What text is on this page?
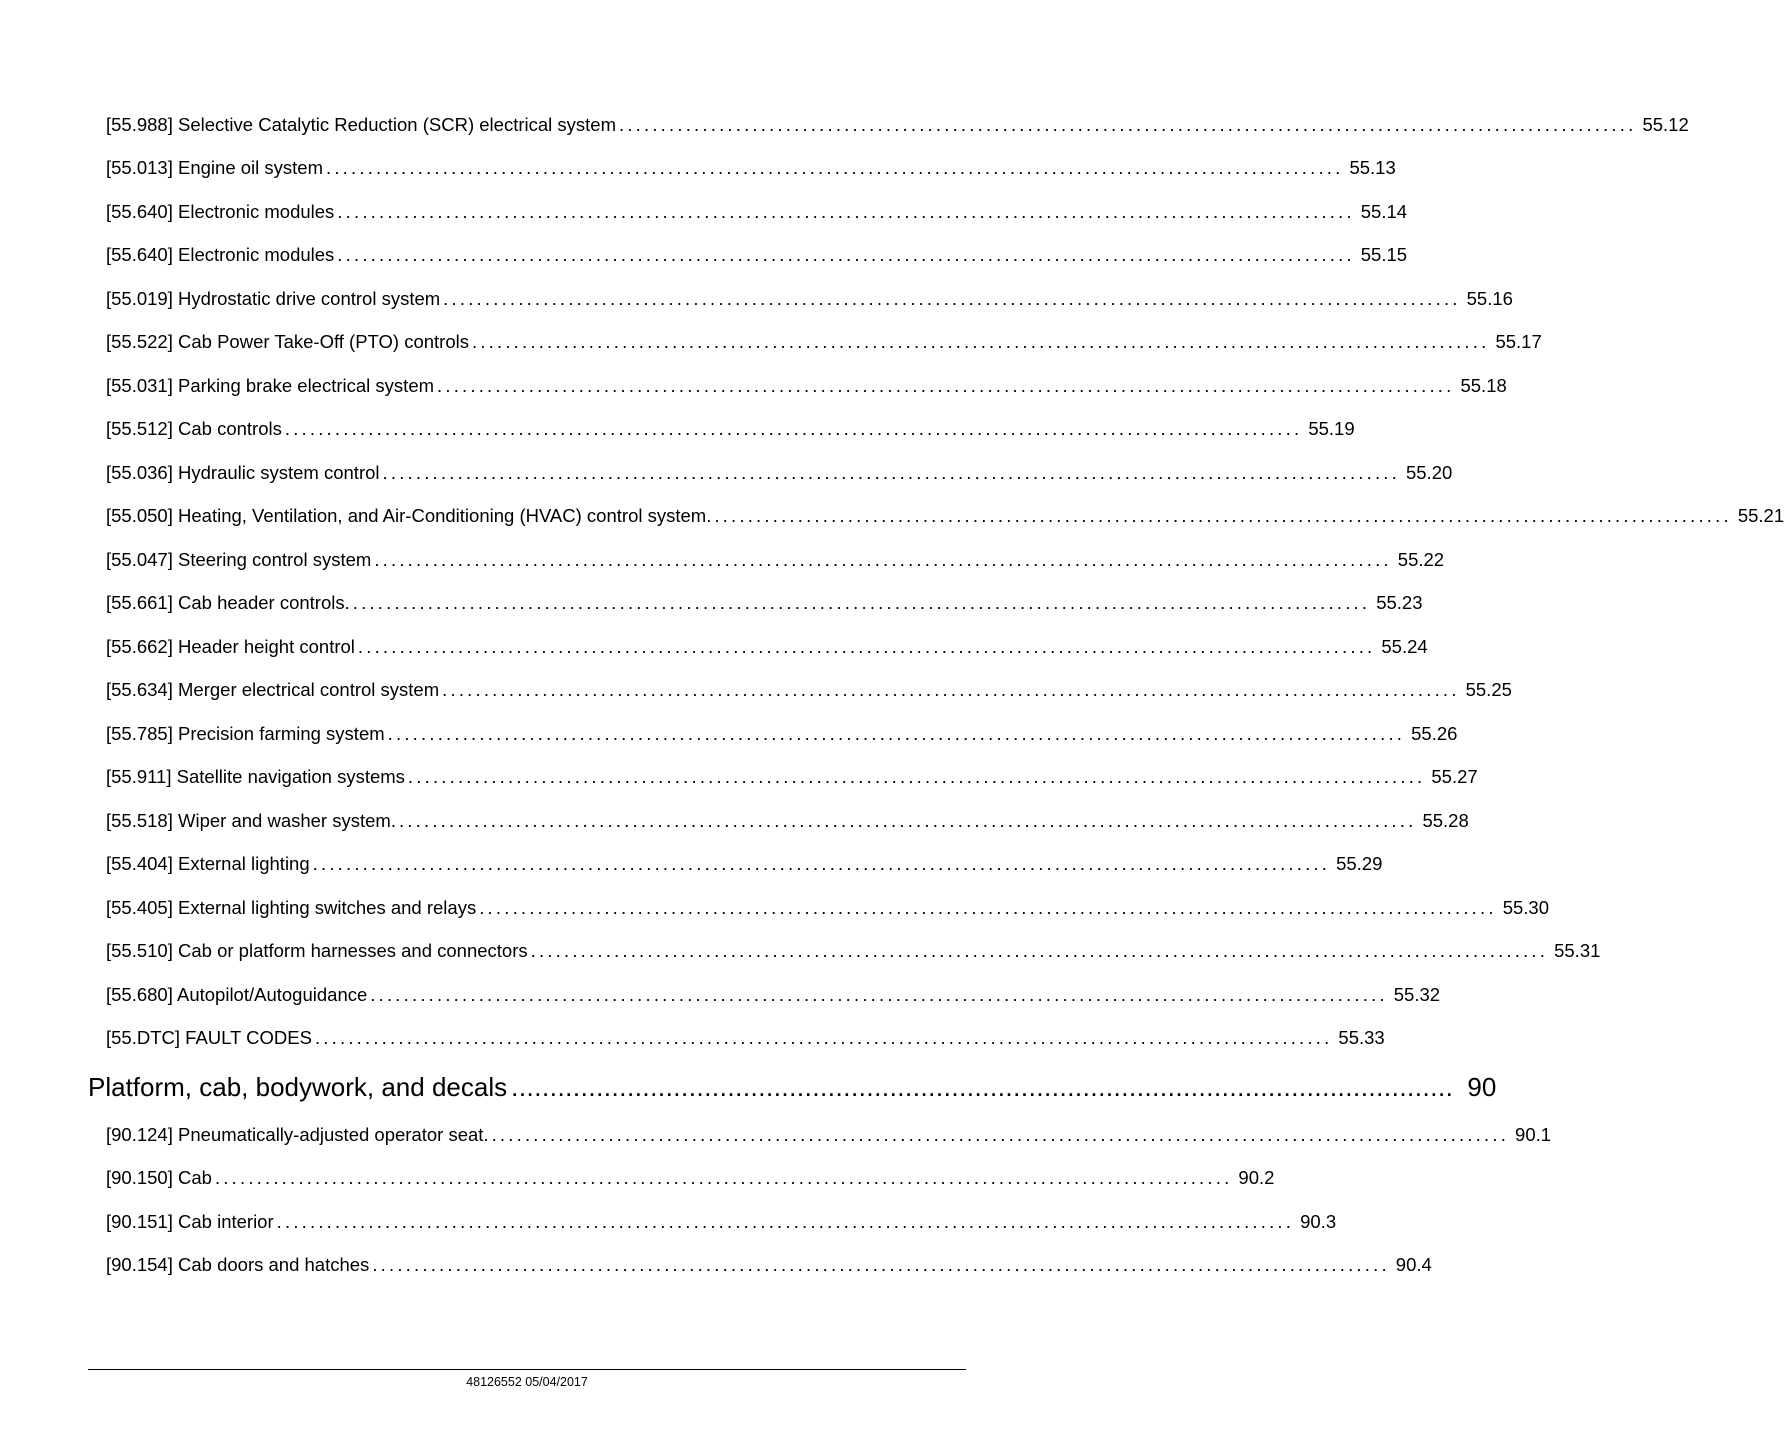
[55.988] Selective Catalytic Reduction (SCR) electrical system .......................................................................................................................... 55.12
[55.013] Engine oil system .......................................................................................................................... 55.13
[55.640] Electronic modules .......................................................................................................................... 55.14
[55.640] Electronic modules .......................................................................................................................... 55.15
[55.019] Hydrostatic drive control system .......................................................................................................................... 55.16
[55.522] Cab Power Take-Off (PTO) controls .......................................................................................................................... 55.17
[55.031] Parking brake electrical system .......................................................................................................................... 55.18
[55.512] Cab controls .......................................................................................................................... 55.19
[55.036] Hydraulic system control .......................................................................................................................... 55.20
[55.050] Heating, Ventilation, and Air-Conditioning (HVAC) control system. .......................................................................................................................... 55.21
[55.047] Steering control system .......................................................................................................................... 55.22
[55.661] Cab header controls. .......................................................................................................................... 55.23
[55.662] Header height control .......................................................................................................................... 55.24
[55.634] Merger electrical control system .......................................................................................................................... 55.25
[55.785] Precision farming system .......................................................................................................................... 55.26
[55.911] Satellite navigation systems .......................................................................................................................... 55.27
[55.518] Wiper and washer system. .......................................................................................................................... 55.28
[55.404] External lighting .......................................................................................................................... 55.29
[55.405] External lighting switches and relays .......................................................................................................................... 55.30
[55.510] Cab or platform harnesses and connectors .......................................................................................................................... 55.31
[55.680] Autopilot/Autoguidance .......................................................................................................................... 55.32
[55.DTC] FAULT CODES .......................................................................................................................... 55.33
Platform, cab, bodywork, and decals .......................................................................................................................... 90
[90.124] Pneumatically-adjusted operator seat. .......................................................................................................................... 90.1
[90.150] Cab .......................................................................................................................... 90.2
[90.151] Cab interior .......................................................................................................................... 90.3
[90.154] Cab doors and hatches .......................................................................................................................... 90.4
48126552 05/04/2017
